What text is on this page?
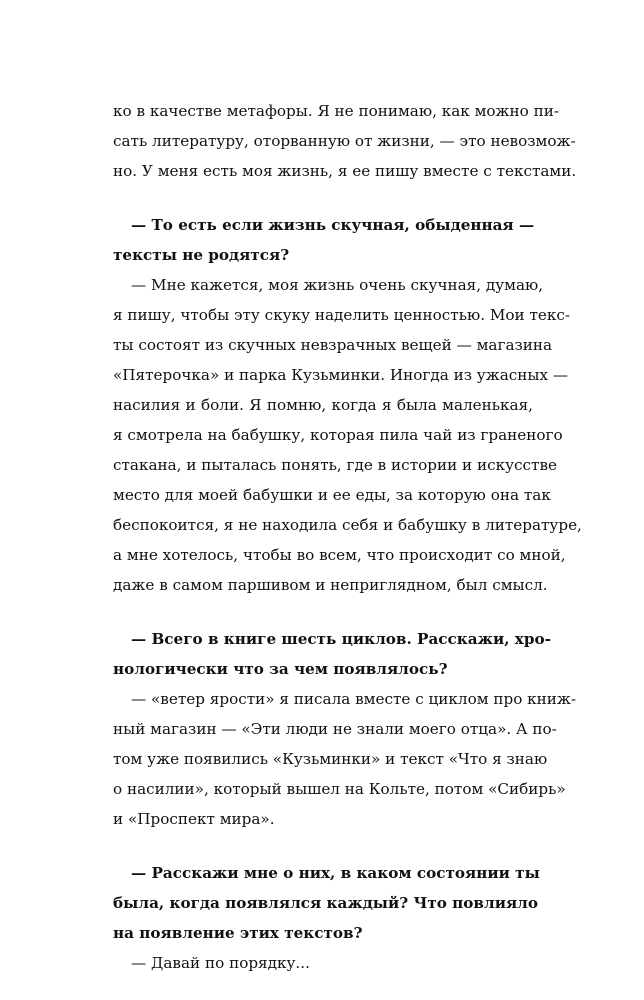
ко в качестве метафоры. Я не понимаю, как можно пи-
сать литературу, оторванную от жизни, — это невозмож-
но. У меня есть моя жизнь, я ее пишу вместе с текстами.
— То есть если жизнь скучная, обыденная —
тексты не родятся?
— Мне кажется, моя жизнь очень скучная, думаю,
я пишу, чтобы эту скуку наделить ценностью. Мои текс-
ты состоят из скучных невзрачных вещей — магазина
«Пятерочка» и парка Кузьминки. Иногда из ужасных —
насилия и боли. Я помню, когда я была маленькая,
я смотрела на бабушку, которая пила чай из граненого
стакана, и пыталась понять, где в истории и искусстве
место для моей бабушки и ее еды, за которую она так
беспокоится, я не находила себя и бабушку в литературе,
а мне хотелось, чтобы во всем, что происходит со мной,
даже в самом паршивом и неприглядном, был смысл.
— Всего в книге шесть циклов. Расскажи, хро-
нологически что за чем появлялось?
— «ветер ярости» я писала вместе с циклом про книж-
ный магазин — «Эти люди не знали моего отца». А по-
том уже появились «Кузьминки» и текст «Что я знаю
о насилии», который вышел на Кольте, потом «Сибирь»
и «Проспект мира».
— Расскажи мне о них, в каком состоянии ты
была, когда появлялся каждый? Что повлияло
на появление этих текстов?
— Давай по порядку...
